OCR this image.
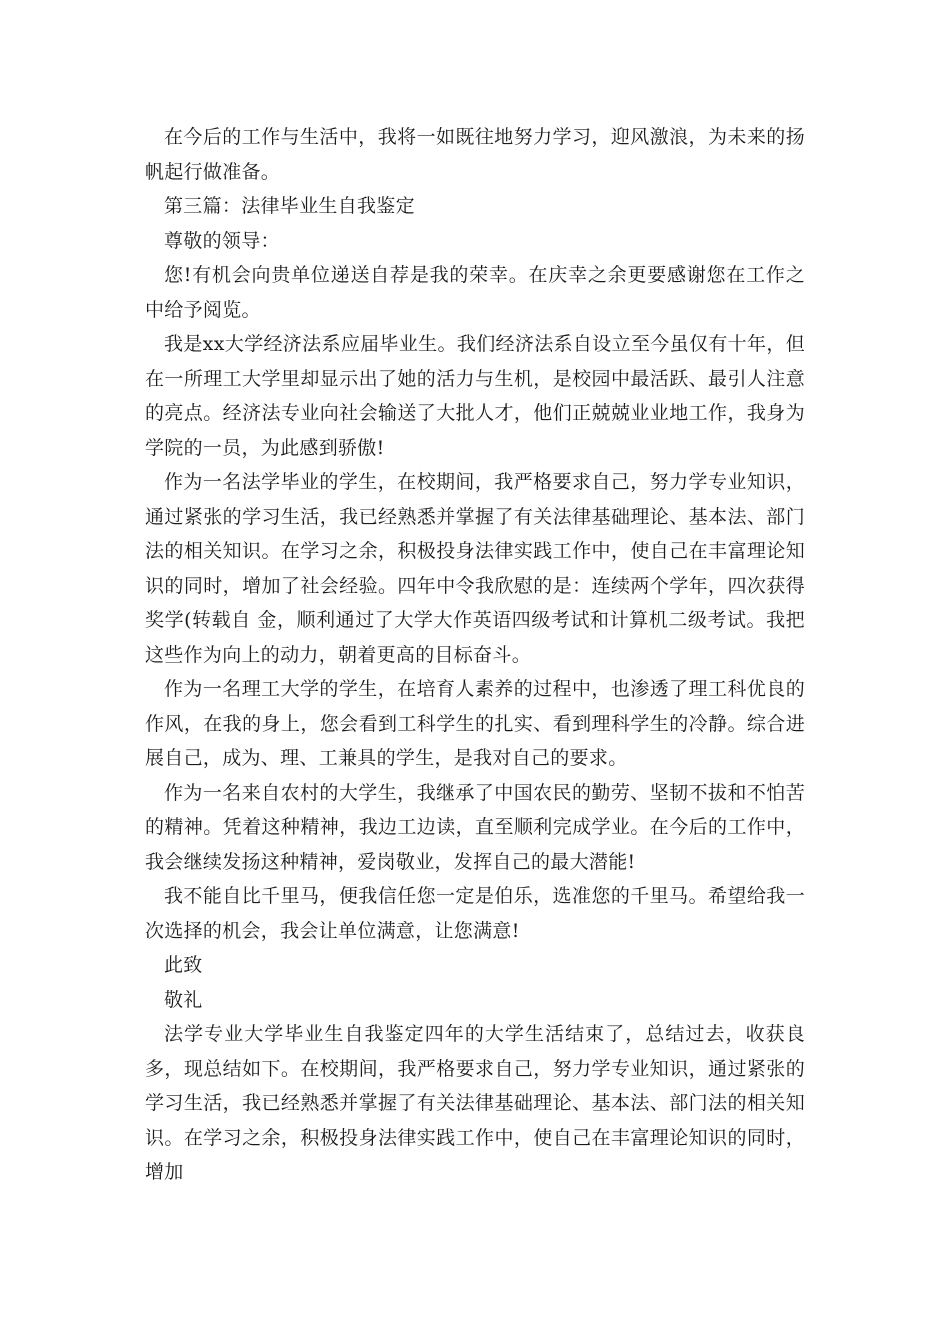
在今后的工作与生活中，我将一如既往地努力学习，迎风激浪，为未来的扬帆起行做准备。

第三篇：法律毕业生自我鉴定

尊敬的领导：

您!有机会向贵单位递送自荐是我的荣幸。在庆幸之余更要感谢您在工作之中给予阅览。

我是xx大学经济法系应届毕业生。我们经济法系自设立至今虽仅有十年，但在一所理工大学里却显示出了她的活力与生机，是校园中最活跃、最引人注意的亮点。经济法专业向社会输送了大批人才，他们正兢兢业业地工作，我身为学院的一员，为此感到骄傲!

作为一名法学毕业的学生，在校期间，我严格要求自己，努力学专业知识，通过紧张的学习生活，我已经熟悉并掌握了有关法律基础理论、基本法、部门法的相关知识。在学习之余，积极投身法律实践工作中，使自己在丰富理论知识的同时，增加了社会经验。四年中令我欣慰的是：连续两个学年，四次获得奖学(转载自 金，顺利通过了大学大作英语四级考试和计算机二级考试。我把这些作为向上的动力，朝着更高的目标奋斗。

作为一名理工大学的学生，在培育人素养的过程中，也渗透了理工科优良的作风，在我的身上，您会看到工科学生的扎实、看到理科学生的冷静。综合进展自己，成为、理、工兼具的学生，是我对自己的要求。

作为一名来自农村的大学生，我继承了中国农民的勤劳、坚韧不拔和不怕苦的精神。凭着这种精神，我边工边读，直至顺利完成学业。在今后的工作中，我会继续发扬这种精神，爱岗敬业，发挥自己的最大潜能!

我不能自比千里马，便我信任您一定是伯乐，选准您的千里马。希望给我一次选择的机会，我会让单位满意，让您满意!

此致

敬礼

法学专业大学毕业生自我鉴定四年的大学生活结束了，总结过去，收获良多，现总结如下。在校期间，我严格要求自己，努力学专业知识，通过紧张的学习生活，我已经熟悉并掌握了有关法律基础理论、基本法、部门法的相关知识。在学习之余，积极投身法律实践工作中，使自己在丰富理论知识的同时，增加
